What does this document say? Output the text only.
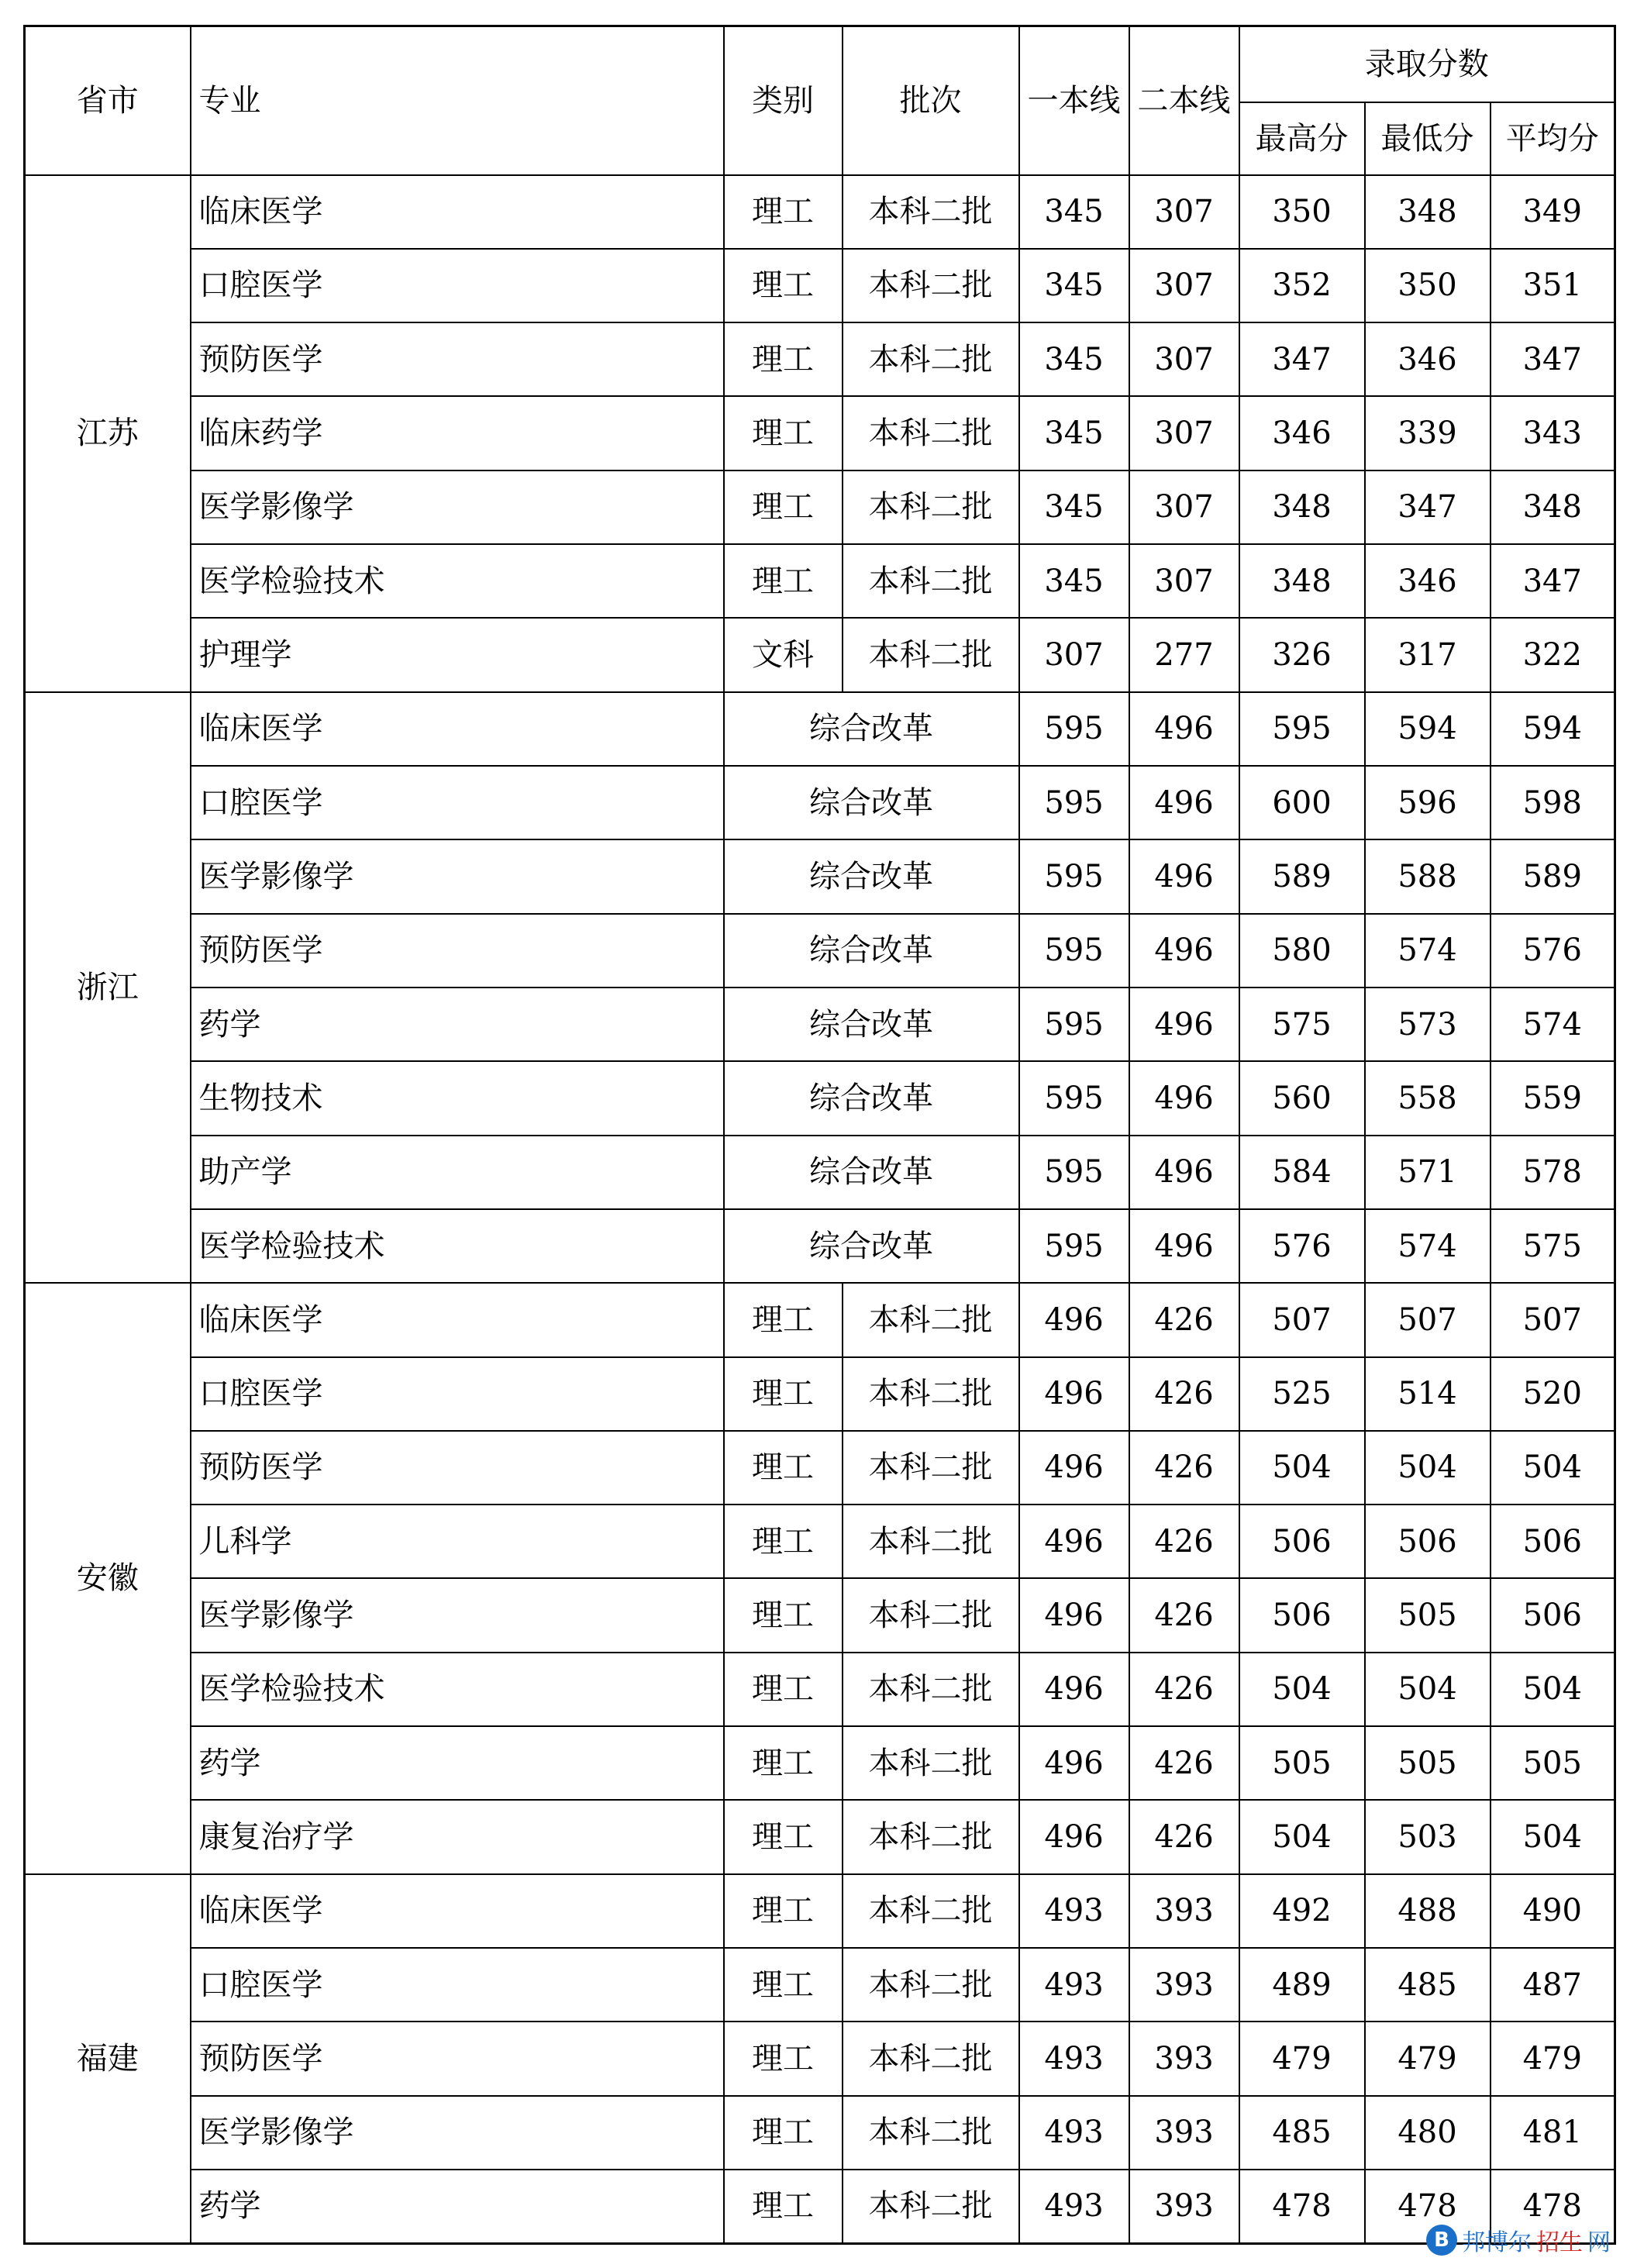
省市	专业	类别	批次	一本线	二本线	录取分数		
						最高分	最低分	平均分
江苏	临床医学	理工	本科二批	345	307	350	348	349
	口腔医学	理工	本科二批	345	307	352	350	351
	预防医学	理工	本科二批	345	307	347	346	347
	临床药学	理工	本科二批	345	307	346	339	343
	医学影像学	理工	本科二批	345	307	348	347	348
	医学检验技术	理工	本科二批	345	307	348	346	347
	护理学	文科	本科二批	307	277	326	317	322
浙江	临床医学	综合改革		595	496	595	594	594
	口腔医学	综合改革		595	496	600	596	598
	医学影像学	综合改革		595	496	589	588	589
	预防医学	综合改革		595	496	580	574	576
	药学	综合改革		595	496	575	573	574
	生物技术	综合改革		595	496	560	558	559
	助产学	综合改革		595	496	584	571	578
	医学检验技术	综合改革		595	496	576	574	575
安徽	临床医学	理工	本科二批	496	426	507	507	507
	口腔医学	理工	本科二批	496	426	525	514	520
	预防医学	理工	本科二批	496	426	504	504	504
	儿科学	理工	本科二批	496	426	506	506	506
	医学影像学	理工	本科二批	496	426	506	505	506
	医学检验技术	理工	本科二批	496	426	504	504	504
	药学	理工	本科二批	496	426	505	505	505
	康复治疗学	理工	本科二批	496	426	504	503	504
福建	临床医学	理工	本科二批	493	393	492	488	490
	口腔医学	理工	本科二批	493	393	489	485	487
	预防医学	理工	本科二批	493	393	479	479	479
	医学影像学	理工	本科二批	493	393	485	480	481
	药学	理工	本科二批	493	393	478	478	478
B 邦博尔 招生 网
